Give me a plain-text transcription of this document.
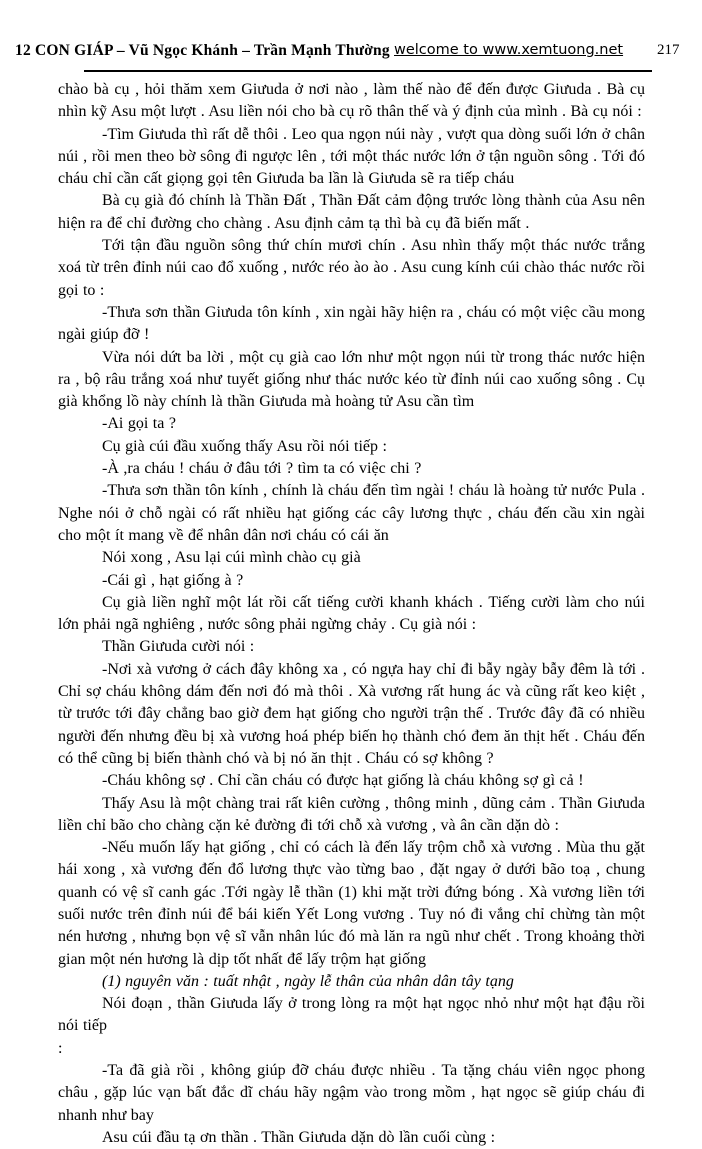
12 CON GIÁP – Vũ Ngọc Khánh – Trần Mạnh Thường welcome to www.xemtuong.net 217

chào bà cụ , hỏi thăm xem Giưuda ở nơi nào , làm thế nào để đến được Giưuda . Bà cụ nhìn kỹ Asu một lượt . Asu liền nói cho bà cụ rõ thân thế và ý định của mình . Bà cụ nói :

-Tìm Giưuda thì rất dễ thôi . Leo qua ngọn núi này , vượt qua dòng suối lớn ở chân núi , rồi men theo bờ sông đi ngược lên , tới một thác nước lớn ở tận nguồn sông . Tới đó cháu chỉ cần cất giọng gọi tên Giưuda ba lần là Giưuda sẽ ra tiếp cháu

Bà cụ già đó chính là Thần Đất , Thần Đất cảm động trước lòng thành của Asu nên hiện ra để chỉ đường cho chàng . Asu định cảm tạ thì bà cụ đã biến mất .

Tới tận đầu nguồn sông thứ chín mươi chín . Asu nhìn thấy một thác nước trắng xoá từ trên đỉnh núi cao đổ xuống , nước réo ào ào . Asu cung kính cúi chào thác nước rồi gọi to :

-Thưa sơn thần Giưuda tôn kính , xin ngài hãy hiện ra , cháu có một việc cầu mong ngài giúp đỡ !

Vừa nói dứt ba lời , một cụ già cao lớn như một ngọn núi từ trong thác nước hiện ra , bộ râu trắng xoá như tuyết giống như thác nước kéo từ đỉnh núi cao xuống sông . Cụ già khổng lồ này chính là thần Giưuda mà hoàng tử Asu cần tìm

-Ai gọi ta ?

Cụ già cúi đầu xuống thấy Asu rồi nói tiếp :

-À ,ra cháu ! cháu ở đâu tới ? tìm ta có việc chi ?

-Thưa sơn thần tôn kính , chính là cháu đến tìm ngài ! cháu là hoàng tử nước Pula . Nghe nói ở chỗ ngài có rất nhiều hạt giống các cây lương thực , cháu đến cầu xin ngài cho một ít mang về để nhân dân nơi cháu có cái ăn

Nói xong , Asu lại cúi mình chào cụ già

-Cái gì , hạt giống à ?

Cụ già liền nghĩ một lát rồi cất tiếng cười khanh khách . Tiếng cười làm cho núi lớn phải ngã nghiêng , nước sông phải ngừng chảy . Cụ già nói :

Thần Giưuda cười nói :

-Nơi xà vương ở cách đây không xa , có ngựa hay chỉ đi bẫy ngày bẫy đêm là tới . Chỉ sợ cháu không dám đến nơi đó mà thôi . Xà vương rất hung ác và cũng rất keo kiệt , từ trước tới đây chẳng bao giờ đem hạt giống cho người trận thế . Trước đây đã có nhiều người đến nhưng đều bị xà vương hoá phép biến họ thành chó đem ăn thịt hết . Cháu đến có thể cũng bị biến thành chó và bị nó ăn thịt . Cháu có sợ không ?

-Cháu không sợ . Chỉ cần cháu có được hạt giống là cháu không sợ gì cả !

Thấy Asu là một chàng trai rất kiên cường , thông minh , dũng cảm . Thần Giưuda liền chỉ bão cho chàng cặn kẻ đường đi tới chỗ xà vương , và ân cần dặn dò :

-Nếu muốn lấy hạt giống , chỉ có cách là đến lấy trộm chỗ xà vương . Mùa thu gặt hái xong , xà vương đến đổ lương thực vào từng bao , đặt ngay ở dưới bão toạ , chung quanh có vệ sĩ canh gác .Tới ngày lễ thần (1) khi mặt trời đứng bóng . Xà vương liền tới suối nước trên đỉnh núi để bái kiến Yết Long vương . Tuy nó đi vắng chỉ chừng tàn một nén hương , nhưng bọn vệ sĩ vẫn nhân lúc đó mà lăn ra ngũ như chết . Trong khoảng thời gian một nén hương là dịp tốt nhất để lấy trộm hạt giống

(1) nguyên văn : tuất nhật , ngày lễ thân của nhân dân tây tạng

Nói đoạn , thần Giưuda lấy ở trong lòng ra một hạt ngọc nhỏ như một hạt đậu rồi nói tiếp

:

-Ta đã già rồi , không giúp đỡ cháu được nhiều . Ta tặng cháu viên ngọc phong châu , gặp lúc vạn bất đắc dĩ cháu hãy ngậm vào trong mồm , hạt ngọc sẽ giúp cháu đi nhanh như bay

Asu cúi đầu tạ ơn thần . Thần Giưuda dặn dò lần cuối cùng :
